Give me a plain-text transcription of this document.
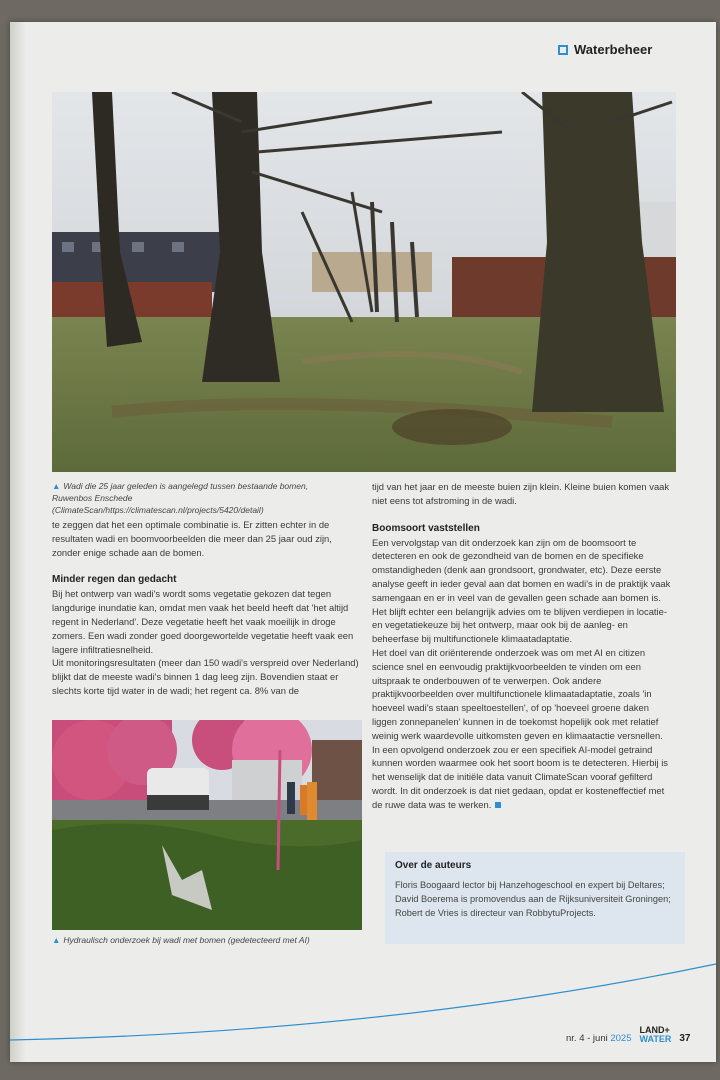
Waterbeheer
▲ Wadi die 25 jaar geleden is aangelegd tussen bestaande bomen, Ruwenbos Enschede (ClimateScan/https://climatescan.nl/projects/5420/detail)

te zeggen dat het een optimale combinatie is. Er zitten echter in de resultaten wadi en boomvoorbeelden die meer dan 25 jaar oud zijn, zonder enige schade aan de bomen.

Minder regen dan gedacht

Bij het ontwerp van wadi's wordt soms vegetatie gekozen dat tegen langdurige inundatie kan, omdat men vaak het beeld heeft dat 'het altijd regent in Nederland'. Deze vegetatie heeft het vaak moeilijk in droge zomers. Een wadi zonder goed doorgewortelde vegetatie heeft vaak een lagere infiltratiesnelheid.

Uit monitoringsresultaten (meer dan 150 wadi's verspreid over Nederland) blijkt dat de meeste wadi's binnen 1 dag leeg zijn. Bovendien staat er slechts korte tijd water in de wadi; het regent ca. 8% van de

▲ Hydraulisch onderzoek bij wadi met bomen (gedetecteerd met AI)

tijd van het jaar en de meeste buien zijn klein. Kleine buien komen vaak niet eens tot afstroming in de wadi.

Boomsoort vaststellen

Een vervolgstap van dit onderzoek kan zijn om de boomsoort te detecteren en ook de gezondheid van de bomen en de specifieke omstandigheden (denk aan grondsoort, grondwater, etc). Deze eerste analyse geeft in ieder geval aan dat bomen en wadi's in de praktijk vaak samengaan en er in veel van de gevallen geen schade aan bomen is. Het blijft echter een belangrijk advies om te blijven verdiepen in locatie- en vegetatiekeuze bij het ontwerp, maar ook bij de aanleg- en beheerfase bij multifunctionele klimaatadaptatie.

Het doel van dit oriënterende onderzoek was om met AI en citizen science snel en eenvoudig praktijkvoorbeelden te vinden om een uitspraak te onderbouwen of te verwerpen. Ook andere praktijkvoorbeelden over multifunctionele klimaatadaptatie, zoals 'in hoeveel wadi's staan speeltoestellen', of op 'hoeveel groene daken liggen zonnepanelen' kunnen in de toekomst hopelijk ook met relatief weinig werk waardevolle uitkomsten geven en klimaatactie versnellen.

In een opvolgend onderzoek zou er een specifiek AI-model getraind kunnen worden waarmee ook het soort boom is te detecteren. Hierbij is het wenselijk dat de initiële data vanuit ClimateScan vooraf gefilterd wordt. In dit onderzoek is dat niet gedaan, opdat er kosteneffectief met de ruwe data was te werken.

Over de auteurs

Floris Boogaard lector bij Hanzehogeschool en expert bij Deltares; David Boerema is promovendus aan de Rijksuniversiteit Groningen; Robert de Vries is directeur van RobbytuProjects.

nr. 4 - juni 2025
LAND+
WATER 37
